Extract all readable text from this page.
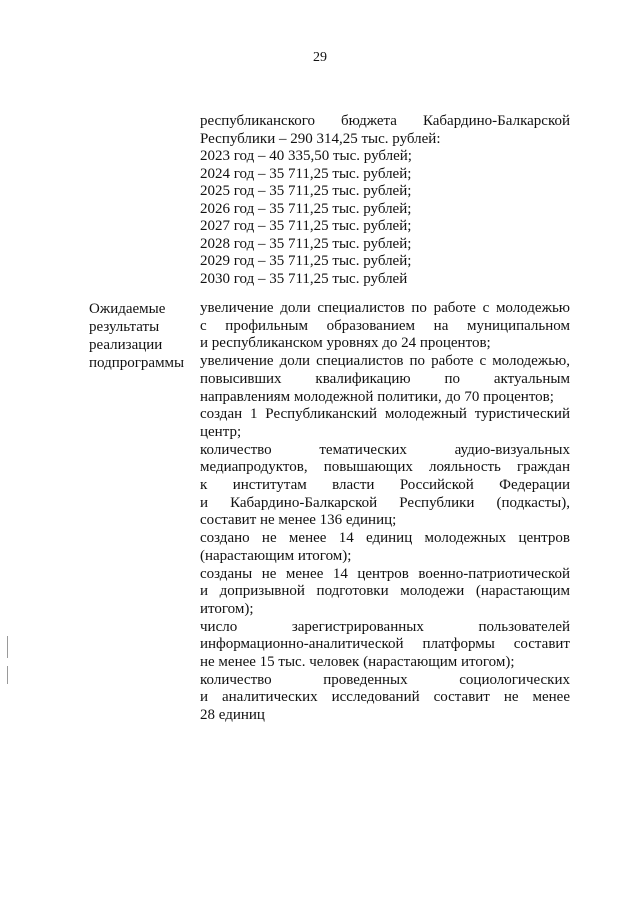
29
республиканского бюджета Кабардино-Балкарской
Республики – 290 314,25 тыс. рублей:
2023 год – 40 335,50 тыс. рублей;
2024 год – 35 711,25 тыс. рублей;
2025 год – 35 711,25 тыс. рублей;
2026 год – 35 711,25 тыс. рублей;
2027 год – 35 711,25 тыс. рублей;
2028 год – 35 711,25 тыс. рублей;
2029 год – 35 711,25 тыс. рублей;
2030 год – 35 711,25 тыс. рублей
Ожидаемые
результаты
реализации
подпрограммы
увеличение доли специалистов по работе с молодежью
с профильным образованием на муниципальном
и республиканском уровнях до 24 процентов;
увеличение доли специалистов по работе с молодежью,
повысивших квалификацию по актуальным
направлениям молодежной политики, до 70 процентов;
создан 1 Республиканский молодежный туристический
центр;
количество тематических аудио-визуальных
медиапродуктов, повышающих лояльность граждан
к институтам власти Российской Федерации
и Кабардино-Балкарской Республики (подкасты),
составит не менее 136 единиц;
создано не менее 14 единиц молодежных центров
(нарастающим итогом);
созданы не менее 14 центров военно-патриотической
и допризывной подготовки молодежи (нарастающим
итогом);
число зарегистрированных пользователей
информационно-аналитической платформы составит
не менее 15 тыс. человек (нарастающим итогом);
количество проведенных социологических
и аналитических исследований составит не менее
28 единиц
